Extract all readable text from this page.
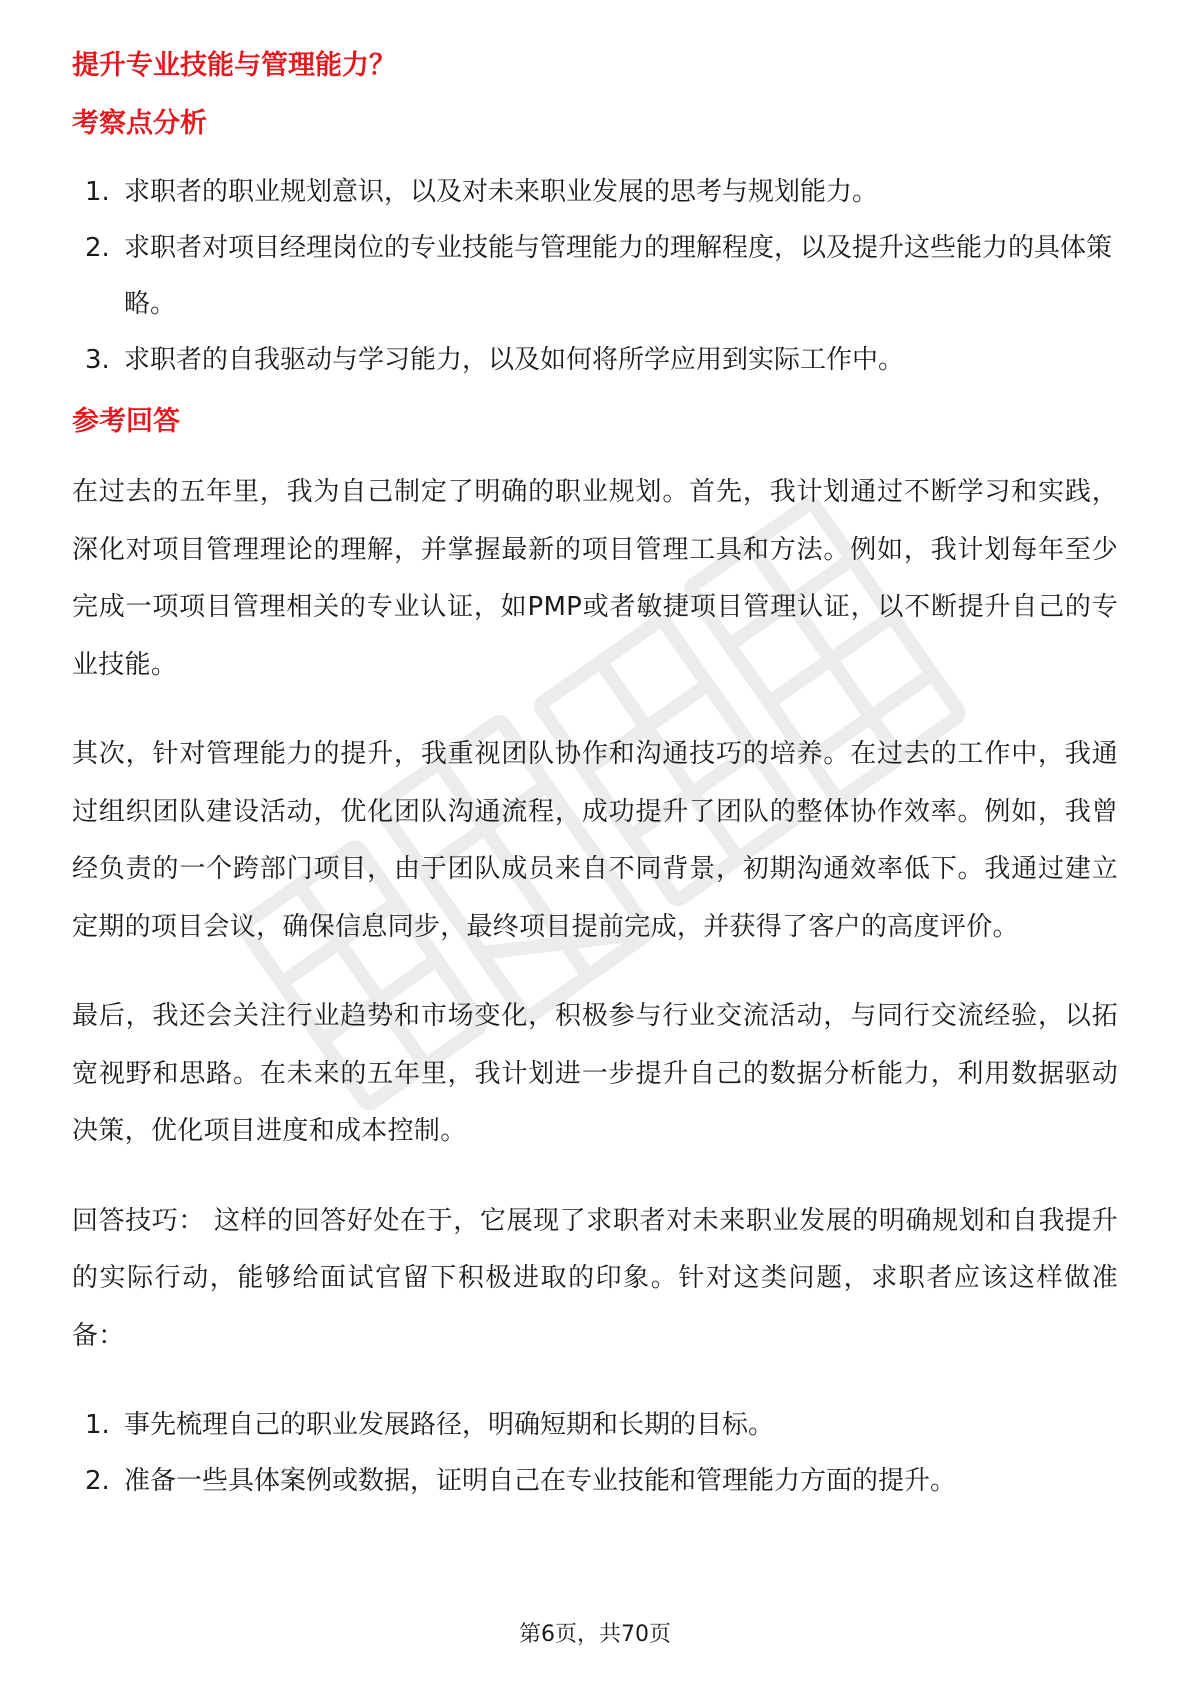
提升专业技能与管理能力？
考察点分析
1. 求职者的职业规划意识，以及对未来职业发展的思考与规划能力。
2. 求职者对项目经理岗位的专业技能与管理能力的理解程度，以及提升这些能力的具体策略。
3. 求职者的自我驱动与学习能力，以及如何将所学应用到实际工作中。
参考回答

在过去的五年里，我为自己制定了明确的职业规划。首先，我计划通过不断学习和实践，深化对项目管理理论的理解，并掌握最新的项目管理工具和方法。例如，我计划每年至少完成一项项目管理相关的专业认证，如PMP或者敏捷项目管理认证，以不断提升自己的专业技能。

其次，针对管理能力的提升，我重视团队协作和沟通技巧的培养。在过去的工作中，我通过组织团队建设活动，优化团队沟通流程，成功提升了团队的整体协作效率。例如，我曾经负责的一个跨部门项目，由于团队成员来自不同背景，初期沟通效率低下。我通过建立定期的项目会议，确保信息同步，最终项目提前完成，并获得了客户的高度评价。

最后，我还会关注行业趋势和市场变化，积极参与行业交流活动，与同行交流经验，以拓宽视野和思路。在未来的五年里，我计划进一步提升自己的数据分析能力，利用数据驱动决策，优化项目进度和成本控制。

回答技巧： 这样的回答好处在于，它展现了求职者对未来职业发展的明确规划和自我提升的实际行动，能够给面试官留下积极进取的印象。针对这类问题，求职者应该这样做准备：

1. 事先梳理自己的职业发展路径，明确短期和长期的目标。
2. 准备一些具体案例或数据，证明自己在专业技能和管理能力方面的提升。
第6页，共70页
